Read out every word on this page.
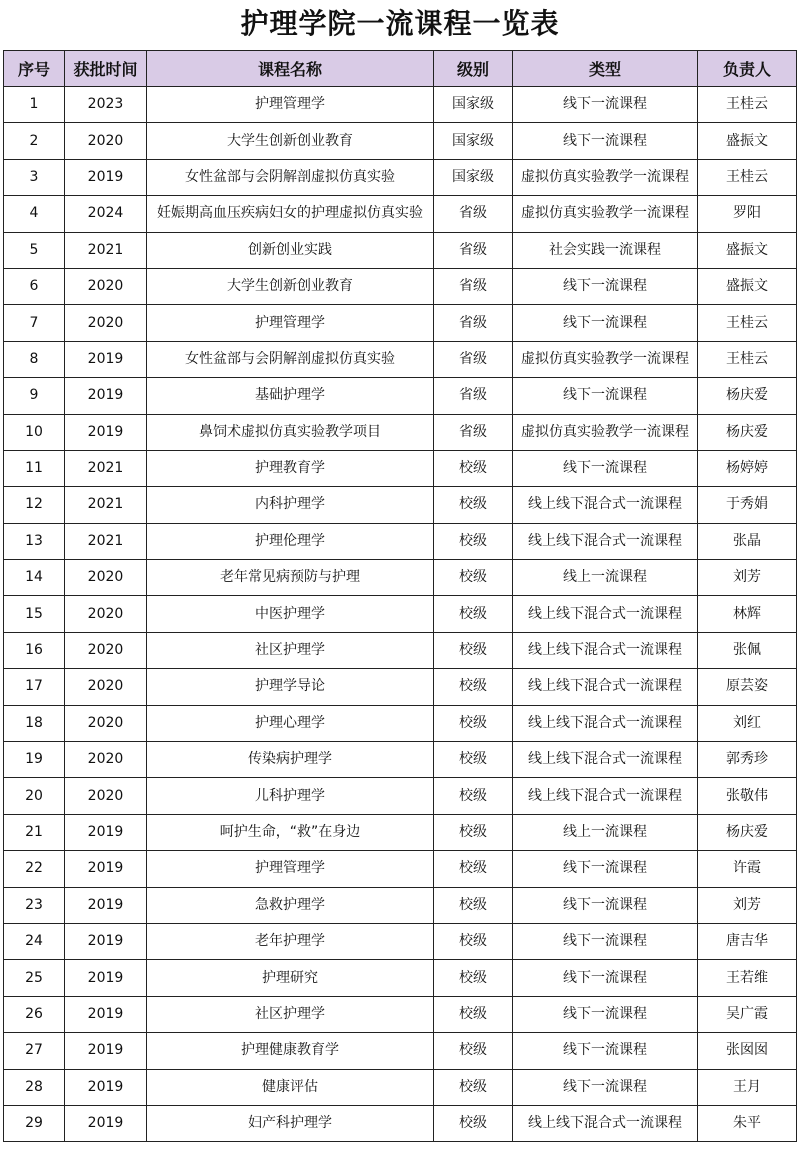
护理学院一流课程一览表
序号	获批时间	课程名称	级别	类型	负责人
1	2023	护理管理学	国家级	线下一流课程	王桂云
2	2020	大学生创新创业教育	国家级	线下一流课程	盛振文
3	2019	女性盆部与会阴解剖虚拟仿真实验	国家级	虚拟仿真实验教学一流课程	王桂云
4	2024	妊娠期高血压疾病妇女的护理虚拟仿真实验	省级	虚拟仿真实验教学一流课程	罗阳
5	2021	创新创业实践	省级	社会实践一流课程	盛振文
6	2020	大学生创新创业教育	省级	线下一流课程	盛振文
7	2020	护理管理学	省级	线下一流课程	王桂云
8	2019	女性盆部与会阴解剖虚拟仿真实验	省级	虚拟仿真实验教学一流课程	王桂云
9	2019	基础护理学	省级	线下一流课程	杨庆爱
10	2019	鼻饲术虚拟仿真实验教学项目	省级	虚拟仿真实验教学一流课程	杨庆爱
11	2021	护理教育学	校级	线下一流课程	杨婷婷
12	2021	内科护理学	校级	线上线下混合式一流课程	于秀娟
13	2021	护理伦理学	校级	线上线下混合式一流课程	张晶
14	2020	老年常见病预防与护理	校级	线上一流课程	刘芳
15	2020	中医护理学	校级	线上线下混合式一流课程	林辉
16	2020	社区护理学	校级	线上线下混合式一流课程	张佩
17	2020	护理学导论	校级	线上线下混合式一流课程	原芸姿
18	2020	护理心理学	校级	线上线下混合式一流课程	刘红
19	2020	传染病护理学	校级	线上线下混合式一流课程	郭秀珍
20	2020	儿科护理学	校级	线上线下混合式一流课程	张敬伟
21	2019	呵护生命，“救”在身边	校级	线上一流课程	杨庆爱
22	2019	护理管理学	校级	线下一流课程	许霞
23	2019	急救护理学	校级	线下一流课程	刘芳
24	2019	老年护理学	校级	线下一流课程	唐吉华
25	2019	护理研究	校级	线下一流课程	王若维
26	2019	社区护理学	校级	线下一流课程	吴广霞
27	2019	护理健康教育学	校级	线下一流课程	张囡囡
28	2019	健康评估	校级	线下一流课程	王月
29	2019	妇产科护理学	校级	线上线下混合式一流课程	朱平
